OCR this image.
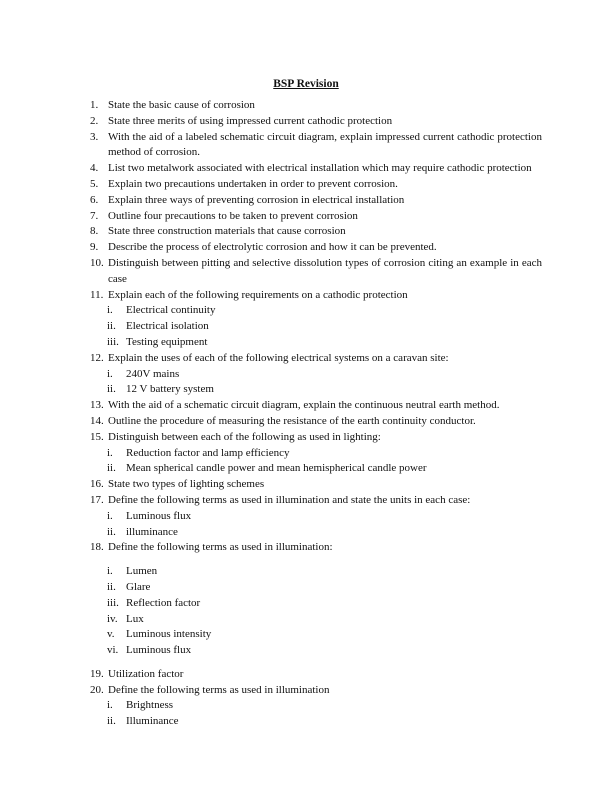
BSP Revision
1. State the basic cause of corrosion
2. State three merits of using impressed current cathodic protection
3. With the aid of a labeled schematic circuit diagram, explain impressed current cathodic protection method of corrosion.
4. List two metalwork associated with electrical installation which may require cathodic protection
5. Explain two precautions undertaken in order to prevent corrosion.
6. Explain three ways of preventing corrosion in electrical installation
7. Outline four precautions to be taken to prevent corrosion
8. State three construction materials that cause corrosion
9. Describe the process of electrolytic corrosion and how it can be prevented.
10. Distinguish between pitting and selective dissolution types of corrosion citing an example in each case
11. Explain each of the following requirements on a cathodic protection
i. Electrical continuity
ii. Electrical isolation
iii. Testing equipment
12. Explain the uses of each of the following electrical systems on a caravan site:
i. 240V mains
ii. 12 V battery system
13. With the aid of a schematic circuit diagram, explain the continuous neutral earth method.
14. Outline the procedure of measuring the resistance of the earth continuity conductor.
15. Distinguish between each of the following as used in lighting:
i. Reduction factor and lamp efficiency
ii. Mean spherical candle power and mean hemispherical candle power
16. State two types of lighting schemes
17. Define the following terms as used in illumination and state the units in each case:
i. Luminous flux
ii. illuminance
18. Define the following terms as used in illumination:
i. Lumen
ii. Glare
iii. Reflection factor
iv. Lux
v. Luminous intensity
vi. Luminous flux
19. Utilization factor
20. Define the following terms as used in illumination
i. Brightness
ii. Illuminance
